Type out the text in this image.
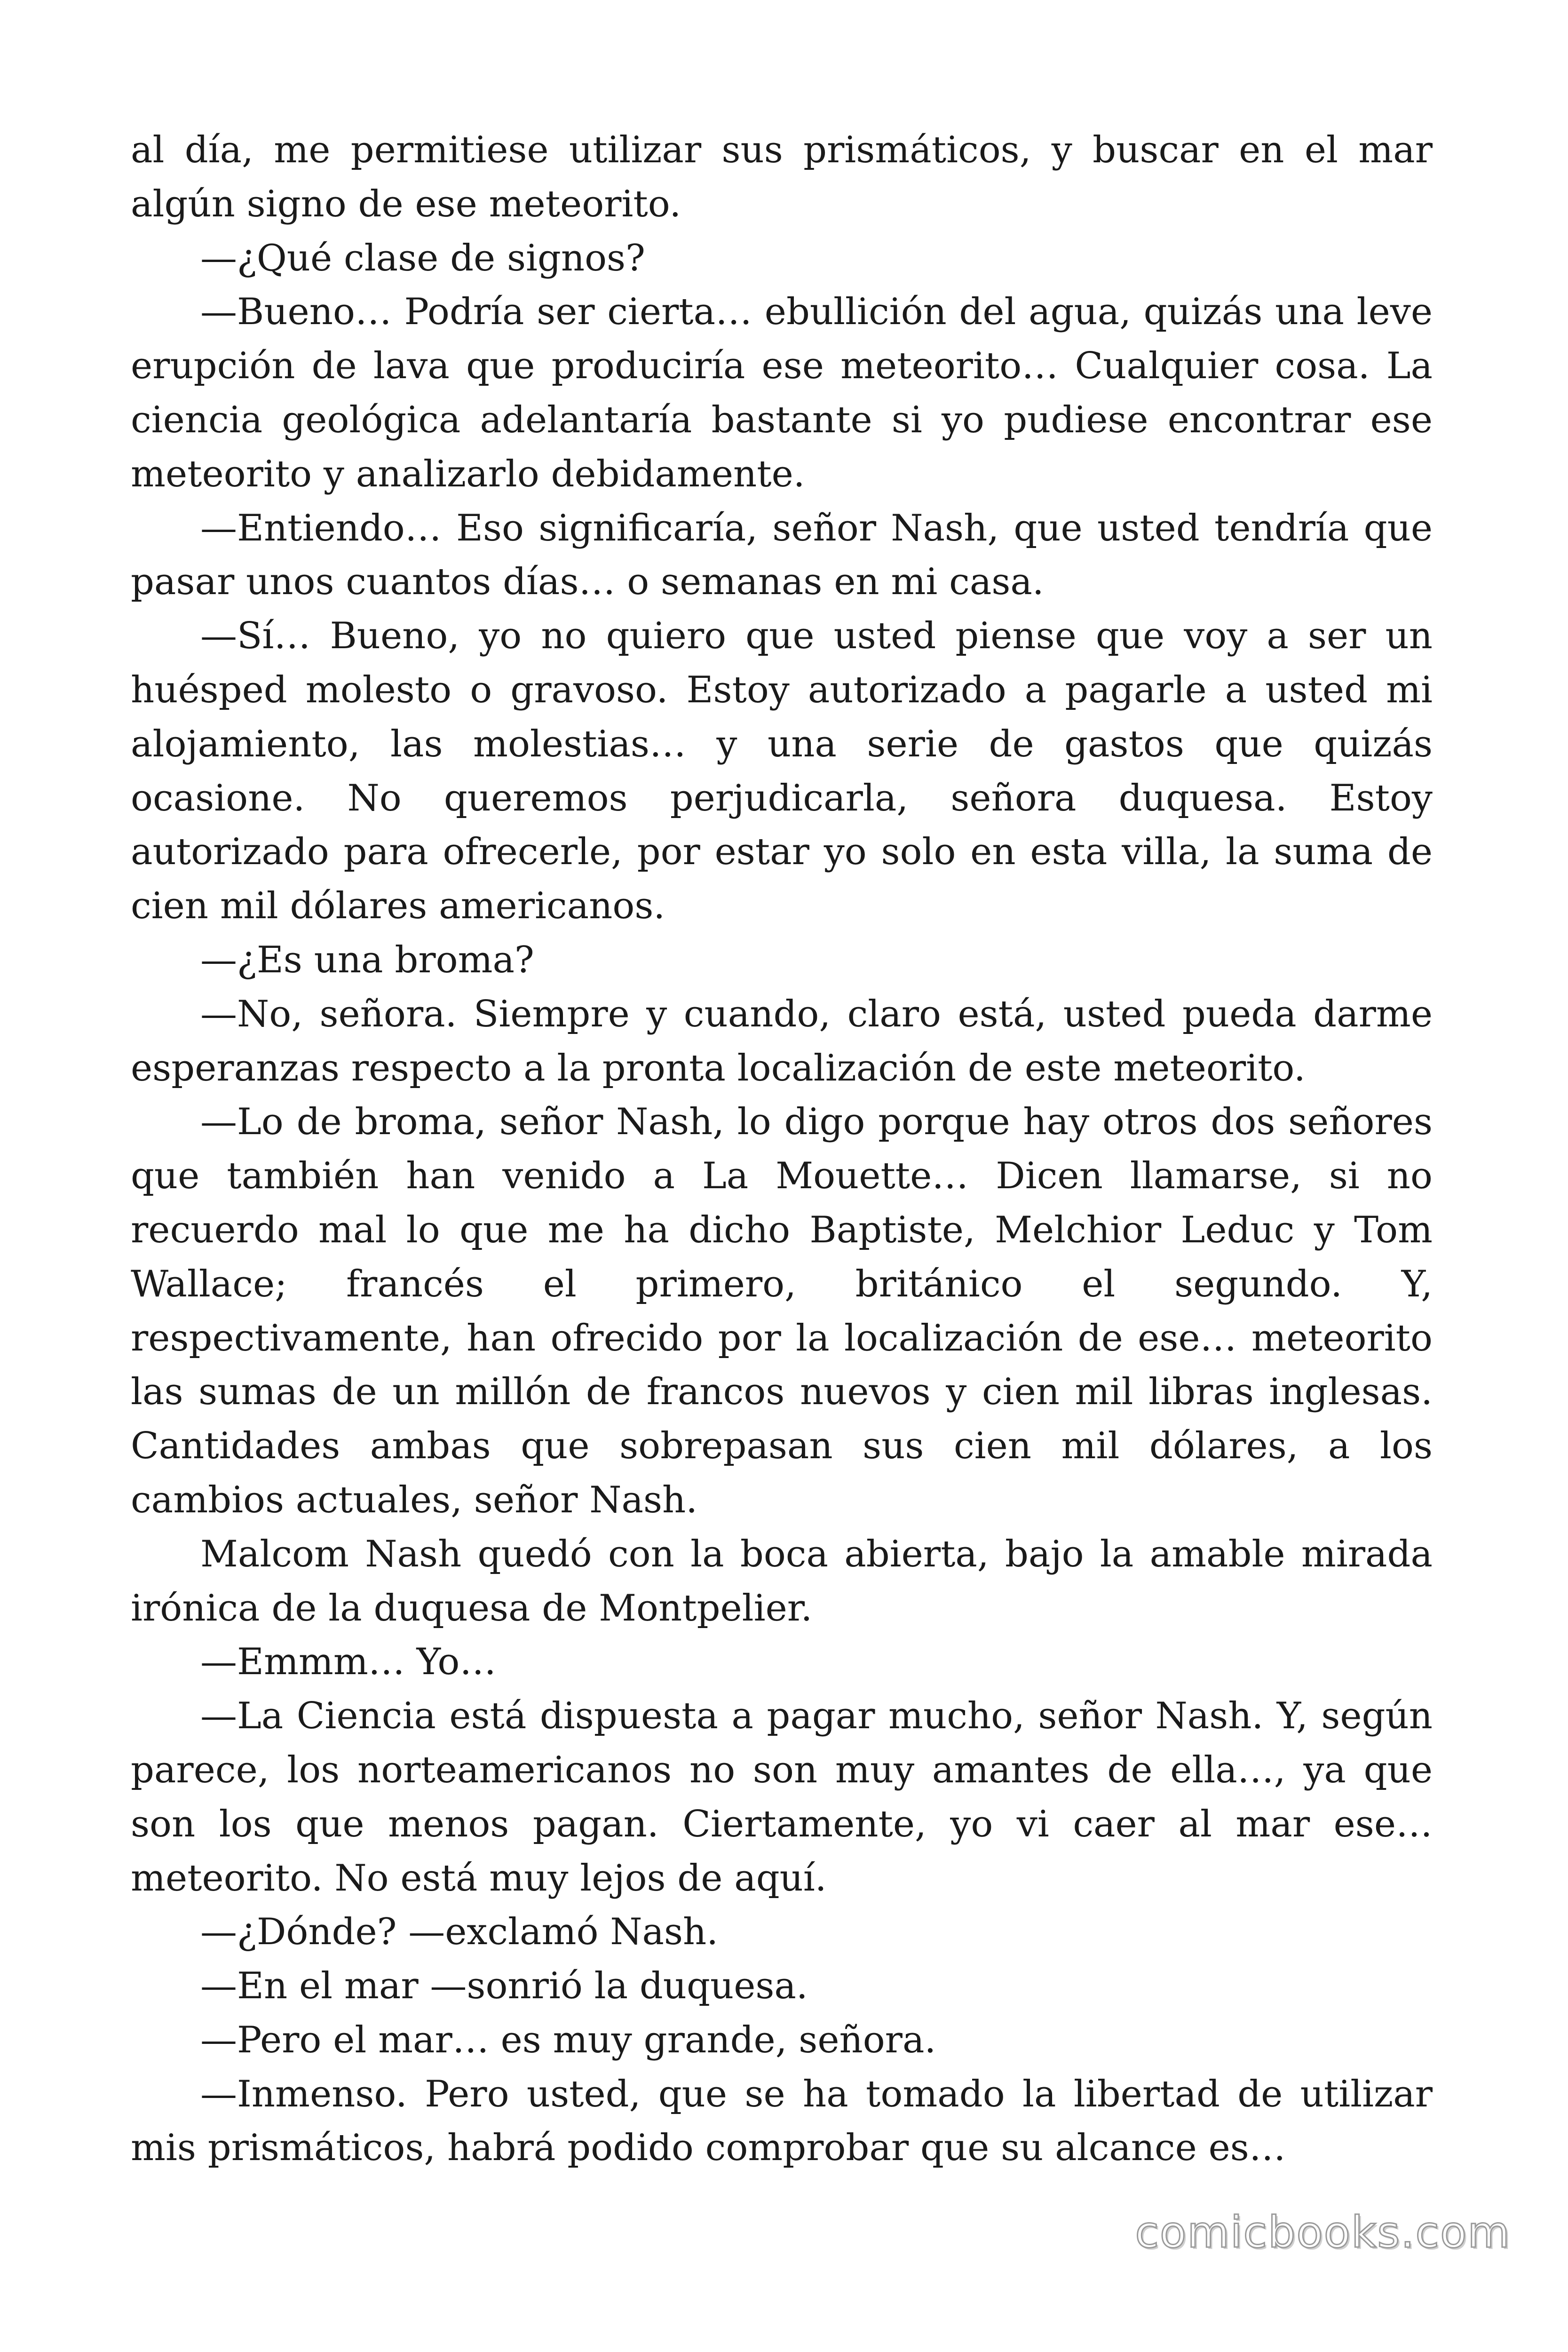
al día, me permitiese utilizar sus prismáticos, y buscar en el mar algún signo de ese meteorito.

—¿Qué clase de signos?

—Bueno… Podría ser cierta… ebullición del agua, quizás una leve erupción de lava que produciría ese meteorito… Cualquier cosa. La ciencia geológica adelantaría bastante si yo pudiese encontrar ese meteorito y analizarlo debidamente.

—Entiendo… Eso significaría, señor Nash, que usted tendría que pasar unos cuantos días… o semanas en mi casa.

—Sí… Bueno, yo no quiero que usted piense que voy a ser un huésped molesto o gravoso. Estoy autorizado a pagarle a usted mi alojamiento, las molestias… y una serie de gastos que quizás ocasione. No queremos perjudicarla, señora duquesa. Estoy autorizado para ofrecerle, por estar yo solo en esta villa, la suma de cien mil dólares americanos.

—¿Es una broma?

—No, señora. Siempre y cuando, claro está, usted pueda darme esperanzas respecto a la pronta localización de este meteorito.

—Lo de broma, señor Nash, lo digo porque hay otros dos señores que también han venido a La Mouette… Dicen llamarse, si no recuerdo mal lo que me ha dicho Baptiste, Melchior Leduc y Tom Wallace; francés el primero, británico el segundo. Y, respectivamente, han ofrecido por la localización de ese… meteorito las sumas de un millón de francos nuevos y cien mil libras inglesas. Cantidades ambas que sobrepasan sus cien mil dólares, a los cambios actuales, señor Nash.

Malcom Nash quedó con la boca abierta, bajo la amable mirada irónica de la duquesa de Montpelier.

—Emmm… Yo…

—La Ciencia está dispuesta a pagar mucho, señor Nash. Y, según parece, los norteamericanos no son muy amantes de ella…, ya que son los que menos pagan. Ciertamente, yo vi caer al mar ese… meteorito. No está muy lejos de aquí.

—¿Dónde? —exclamó Nash.

—En el mar —sonrió la duquesa.

—Pero el mar… es muy grande, señora.

—Inmenso. Pero usted, que se ha tomado la libertad de utilizar mis prismáticos, habrá podido comprobar que su alcance es…

comicbooks.com
